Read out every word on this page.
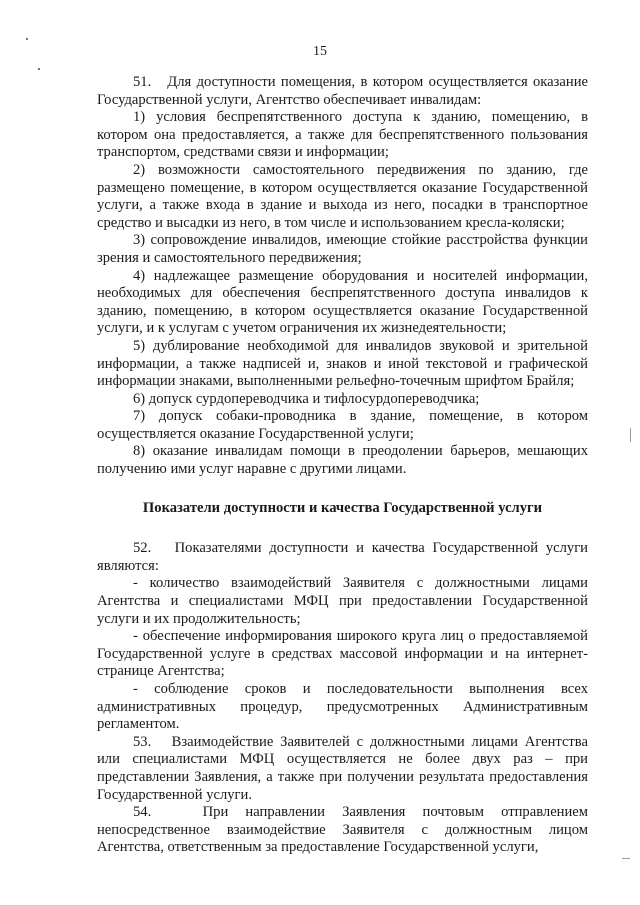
15

51.   Для доступности помещения, в котором осуществляется оказание Государственной услуги, Агентство обеспечивает инвалидам:

1) условия беспрепятственного доступа к зданию, помещению, в котором она предоставляется, а также для беспрепятственного пользования транспортом, средствами связи и информации;

2) возможности самостоятельного передвижения по зданию, где размещено помещение, в котором осуществляется оказание Государственной услуги, а также входа в здание и выхода из него, посадки в транспортное средство и высадки из него, в том числе и использованием кресла-коляски;

3) сопровождение инвалидов, имеющие стойкие расстройства функции зрения и самостоятельного передвижения;

4) надлежащее размещение оборудования и носителей информации, необходимых для обеспечения беспрепятственного доступа инвалидов к зданию, помещению, в котором осуществляется оказание Государственной услуги, и к услугам с учетом ограничения их жизнедеятельности;

5) дублирование необходимой для инвалидов звуковой и зрительной информации, а также надписей и, знаков и иной текстовой и графической информации знаками, выполненными рельефно-точечным шрифтом Брайля;

6) допуск сурдопереводчика и тифлосурдопереводчика;

7) допуск собаки-проводника в здание, помещение, в котором осуществляется оказание Государственной услуги;

8) оказание инвалидам помощи в преодолении барьеров, мешающих получению ими услуг наравне с другими лицами.

Показатели доступности и качества Государственной услуги

52.   Показателями доступности и качества Государственной услуги являются:

- количество взаимодействий Заявителя с должностными лицами Агентства и специалистами МФЦ при предоставлении Государственной услуги и их продолжительность;

- обеспечение информирования широкого круга лиц о предоставляемой Государственной услуге в средствах массовой информации и на интернет-странице Агентства;

- соблюдение сроков и последовательности выполнения всех административных процедур, предусмотренных Административным регламентом.

53.   Взаимодействие Заявителей с должностными лицами Агентства или специалистами МФЦ осуществляется не более двух раз – при представлении Заявления, а также при получении результата предоставления Государственной услуги.

54.   При направлении Заявления почтовым отправлением непосредственное взаимодействие Заявителя с должностным лицом Агентства, ответственным за предоставление Государственной услуги,
